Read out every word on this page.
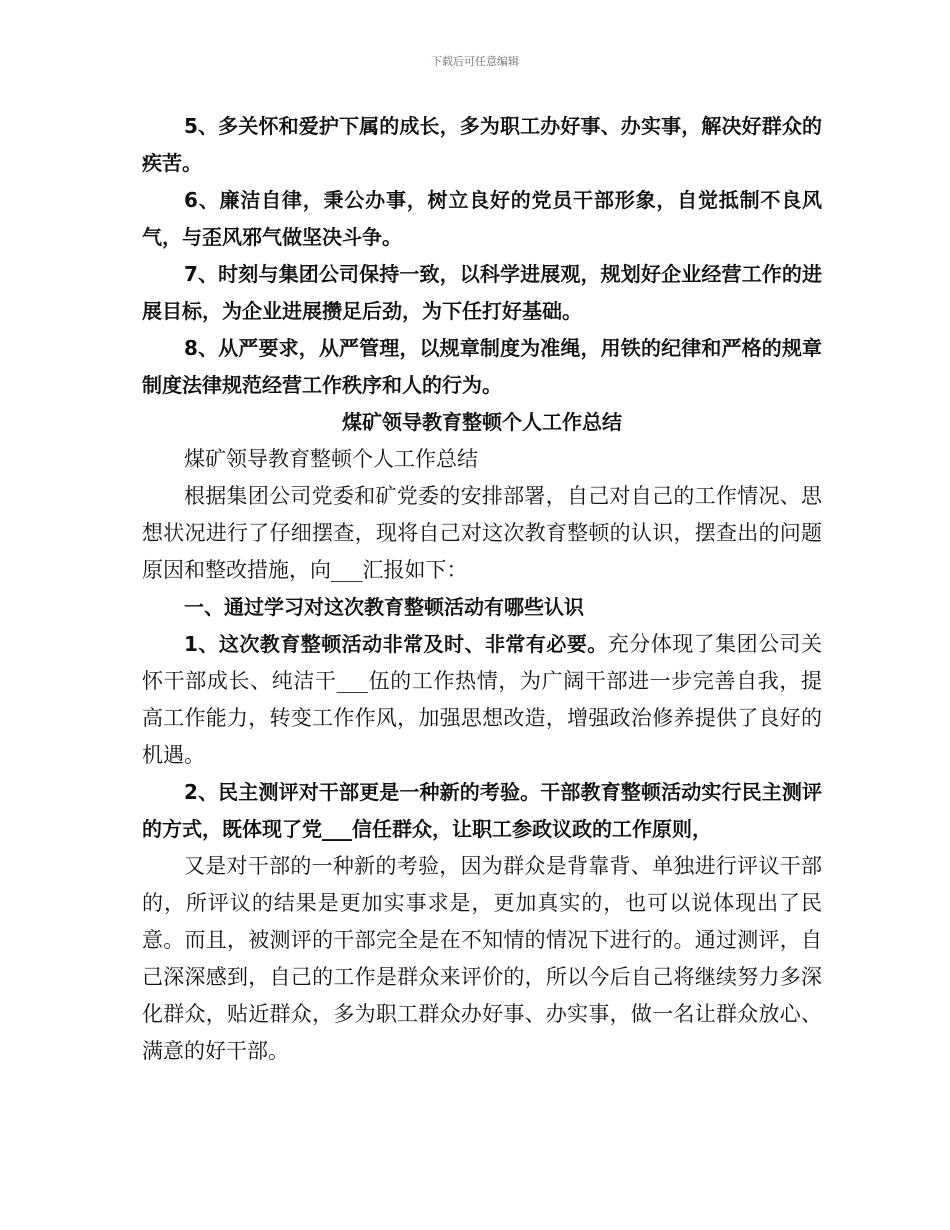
下载后可任意编辑

5、多关怀和爱护下属的成长，多为职工办好事、办实事，解决好群众的疾苦。

6、廉洁自律，秉公办事，树立良好的党员干部形象，自觉抵制不良风气，与歪风邪气做坚决斗争。

7、时刻与集团公司保持一致，以科学进展观，规划好企业经营工作的进展目标，为企业进展攒足后劲，为下任打好基础。

8、从严要求，从严管理，以规章制度为准绳，用铁的纪律和严格的规章制度法律规范经营工作秩序和人的行为。

煤矿领导教育整顿个人工作总结

煤矿领导教育整顿个人工作总结

根据集团公司党委和矿党委的安排部署，自己对自己的工作情况、思想状况进行了仔细摆查，现将自己对这次教育整顿的认识，摆查出的问题原因和整改措施，向___汇报如下：

一、通过学习对这次教育整顿活动有哪些认识

1、这次教育整顿活动非常及时、非常有必要。充分体现了集团公司关怀干部成长、纯洁干___伍的工作热情，为广阔干部进一步完善自我，提高工作能力，转变工作作风，加强思想改造，增强政治修养提供了良好的机遇。

2、民主测评对干部更是一种新的考验。干部教育整顿活动实行民主测评的方式，既体现了党___信任群众，让职工参政议政的工作原则，

又是对干部的一种新的考验，因为群众是背靠背、单独进行评议干部的，所评议的结果是更加实事求是，更加真实的，也可以说体现出了民意。而且，被测评的干部完全是在不知情的情况下进行的。通过测评，自己深深感到，自己的工作是群众来评价的，所以今后自己将继续努力多深化群众，贴近群众，多为职工群众办好事、办实事，做一名让群众放心、满意的好干部。
